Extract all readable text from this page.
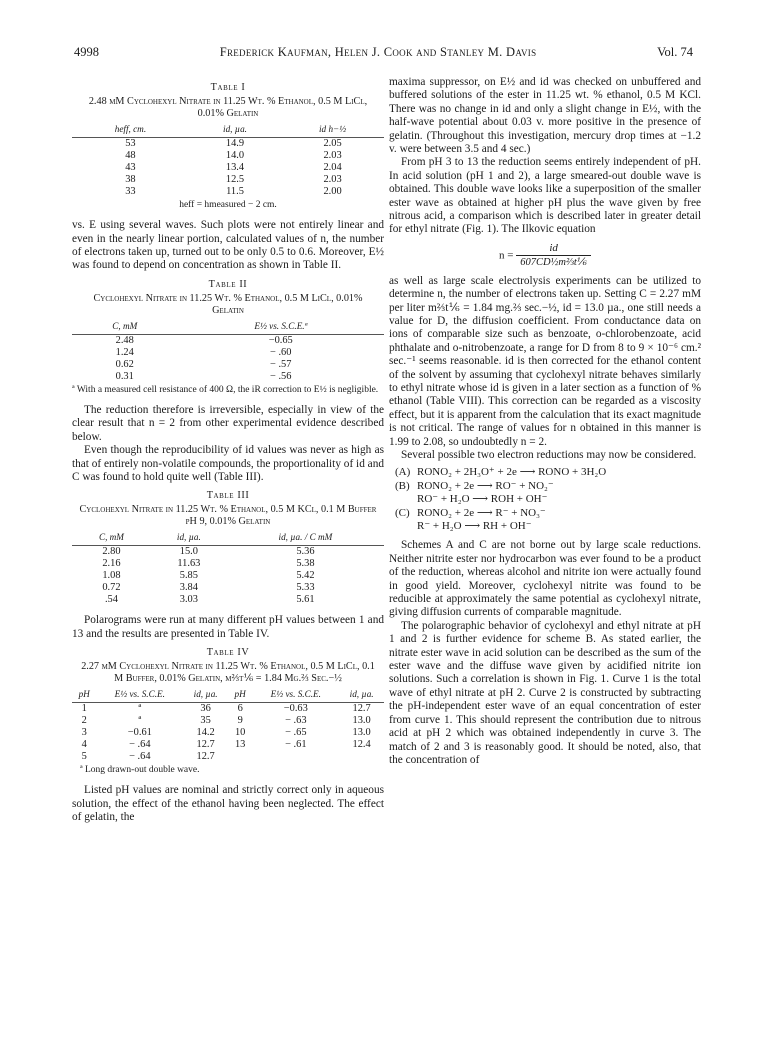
4998	Frederick Kaufman, Helen J. Cook and Stanley M. Davis	Vol. 74

Table I

2.48 mM Cyclohexyl Nitrate in 11.25 Wt. % Ethanol, 0.5 M LiCl, 0.01% Gelatin

heff, cm.	id, µa.	id h−½
53	14.9	2.05
48	14.0	2.03
43	13.4	2.04
38	12.5	2.03
33	11.5	2.00

heff = hmeasured − 2 cm.

vs. E using several waves. Such plots were not entirely linear and even in the nearly linear portion, calculated values of n, the number of electrons taken up, turned out to be only 0.5 to 0.6. Moreover, E½ was found to depend on concentration as shown in Table II.

Table II

Cyclohexyl Nitrate in 11.25 Wt. % Ethanol, 0.5 M LiCl, 0.01% Gelatin

C, mM	E½ vs. S.C.E.ª
2.48	−0.65
1.24	− .60
0.62	− .57
0.31	− .56

ª With a measured cell resistance of 400 Ω, the iR correction to E½ is negligible.

The reduction therefore is irreversible, especially in view of the clear result that n = 2 from other experimental evidence described below.

Even though the reproducibility of id values was never as high as that of entirely non-volatile compounds, the proportionality of id and C was found to hold quite well (Table III).

Table III

Cyclohexyl Nitrate in 11.25 Wt. % Ethanol, 0.5 M KCl, 0.1 M Buffer pH 9, 0.01% Gelatin

C, mM	id, µa.	id, µa. / C mM
2.80	15.0	5.36
2.16	11.63	5.38
1.08	5.85	5.42
0.72	3.84	5.33
.54	3.03	5.61

Polarograms were run at many different pH values between 1 and 13 and the results are presented in Table IV.

Table IV

2.27 mM Cyclohexyl Nitrate in 11.25 Wt. % Ethanol, 0.5 M LiCl, 0.1 M Buffer, 0.01% Gelatin, m⅔t⅙ = 1.84 Mg.⅔ Sec.−½

pH	E½ vs. S.C.E.	id, µa.	pH	E½ vs. S.C.E.	id, µa.
1	ª	36	6	−0.63	12.7
2	ª	35	9	− .63	13.0
3	−0.61	14.2	10	− .65	13.0
4	− .64	12.7	13	− .61	12.4
5	− .64	12.7			

ª Long drawn-out double wave.

Listed pH values are nominal and strictly correct only in aqueous solution, the effect of the ethanol having been neglected. The effect of gelatin, the

maxima suppressor, on E½ and id was checked on unbuffered and buffered solutions of the ester in 11.25 wt. % ethanol, 0.5 M KCl. There was no change in id and only a slight change in E½, with the half-wave potential about 0.03 v. more positive in the presence of gelatin. (Throughout this investigation, mercury drop times at −1.2 v. were between 3.5 and 4 sec.)

From pH 3 to 13 the reduction seems entirely independent of pH. In acid solution (pH 1 and 2), a large smeared-out double wave is obtained. This double wave looks like a superposition of the smaller ester wave as obtained at higher pH plus the wave given by free nitrous acid, a comparison which is described later in greater detail for ethyl nitrate (Fig. 1). The Ilkovic equation

$n = \frac{id}{\text{607CD½m⅔t⅙}}$

as well as large scale electrolysis experiments can be utilized to determine n, the number of electrons taken up. Setting C = 2.27 mM per liter m⅔t⅙ = 1.84 mg.⅔ sec.−½, id = 13.0 µa., one still needs a value for D, the diffusion coefficient. From conductance data on ions of comparable size such as benzoate, o-chlorobenzoate, acid phthalate and o-nitrobenzoate, a range for D from 8 to 9 × 10⁻⁶ cm.² sec.⁻¹ seems reasonable. id is then corrected for the ethanol content of the solvent by assuming that cyclohexyl nitrate behaves similarly to ethyl nitrate whose id is given in a later section as a function of % ethanol (Table VIII). This correction can be regarded as a viscosity effect, but it is apparent from the calculation that its exact magnitude is not critical. The range of values for n obtained in this manner is 1.99 to 2.08, so undoubtedly n = 2.

Several possible two electron reductions may now be considered.

(A) RONO₂ + 2H₃O⁺ + 2e ⟶ RONO + 3H₂O
(B) RONO₂ + 2e ⟶ RO⁻ + NO₂⁻
RO⁻ + H₂O ⟶ ROH + OH⁻
(C) RONO₂ + 2e ⟶ R⁻ + NO₃⁻
R⁻ + H₂O ⟶ RH + OH⁻

Schemes A and C are not borne out by large scale reductions. Neither nitrite ester nor hydrocarbon was ever found to be a product of the reduction, whereas alcohol and nitrite ion were actually found in good yield. Moreover, cyclohexyl nitrite was found to be reducible at approximately the same potential as cyclohexyl nitrate, giving diffusion currents of comparable magnitude.

The polarographic behavior of cyclohexyl and ethyl nitrate at pH 1 and 2 is further evidence for scheme B. As stated earlier, the nitrate ester wave in acid solution can be described as the sum of the ester wave and the diffuse wave given by acidified nitrite ion solutions. Such a correlation is shown in Fig. 1. Curve 1 is the total wave of ethyl nitrate at pH 2. Curve 2 is constructed by subtracting the pH-independent ester wave of an equal concentration of ester from curve 1. This should represent the contribution due to nitrous acid at pH 2 which was obtained independently in curve 3. The match of 2 and 3 is reasonably good. It should be noted, also, that the concentration of
